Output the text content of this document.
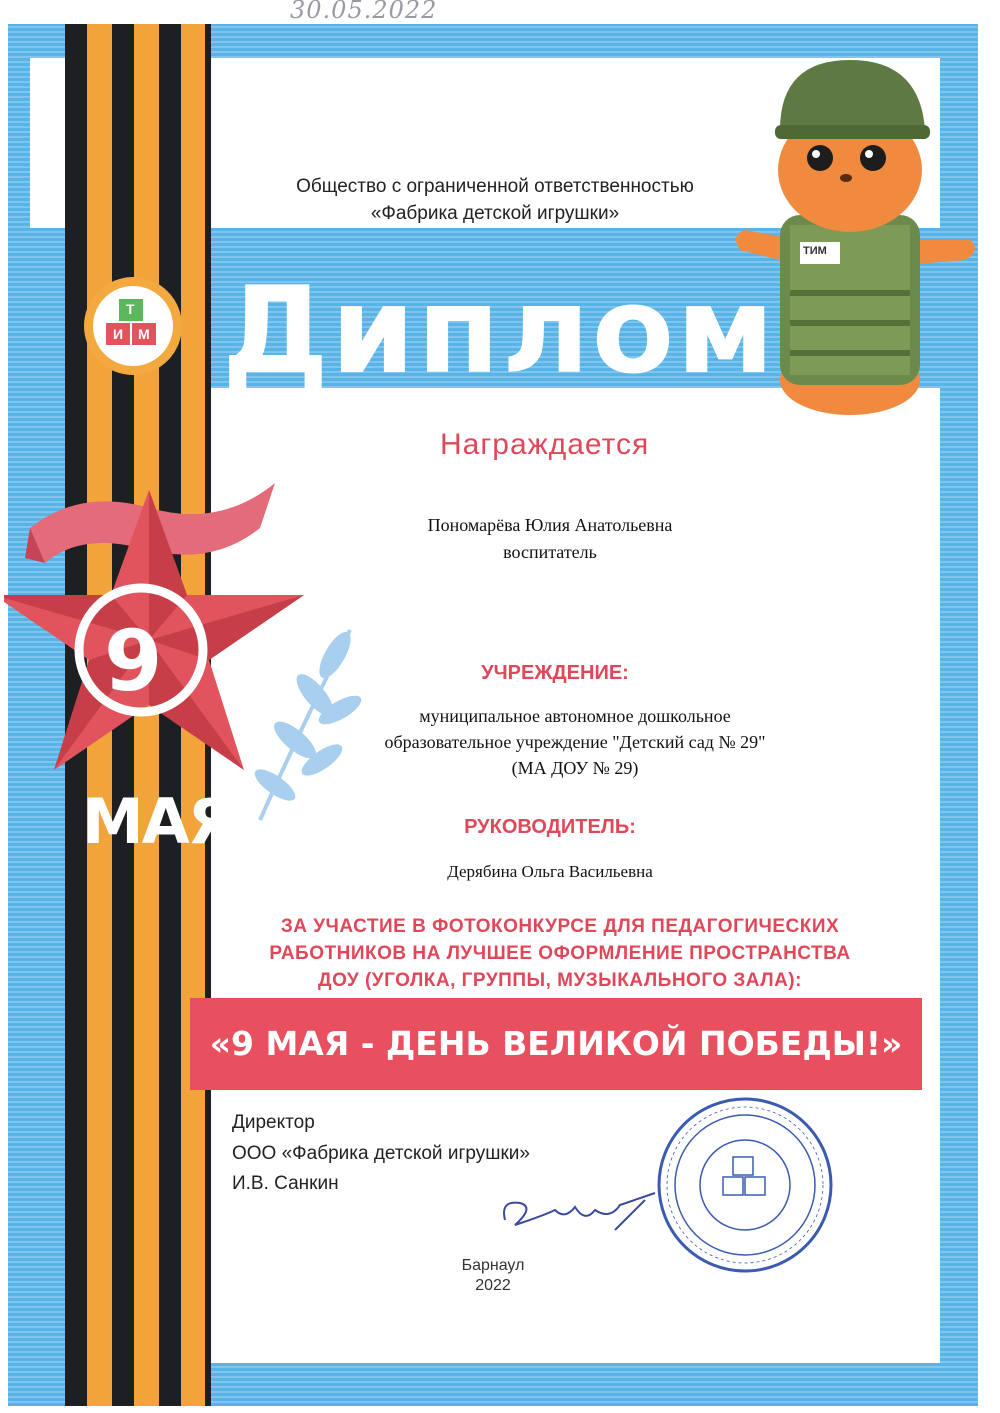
30.05.2022
9
МАЯ
Общество с ограниченной ответственностью
«Фабрика детской игрушки»
Т
И М Диплом
ТИМ
Награждается
Пономарёва Юлия Анатольевна
воспитатель
УЧРЕЖДЕНИЕ:
муниципальное автономное дошкольное
образовательное учреждение "Детский сад № 29"
(МА ДОУ № 29)
РУКОВОДИТЕЛЬ:
Дерябина Ольга Васильевна
ЗА УЧАСТИЕ В ФОТОКОНКУРСЕ ДЛЯ ПЕДАГОГИЧЕСКИХ
РАБОТНИКОВ НА ЛУЧШЕЕ ОФОРМЛЕНИЕ ПРОСТРАНСТВА
ДОУ (УГОЛКА, ГРУППЫ, МУЗЫКАЛЬНОГО ЗАЛА):
«9 МАЯ - ДЕНЬ ВЕЛИКОЙ ПОБЕДЫ!»
Директор
ООО «Фабрика детской игрушки»
И.В. Санкин
Барнаул
2022
